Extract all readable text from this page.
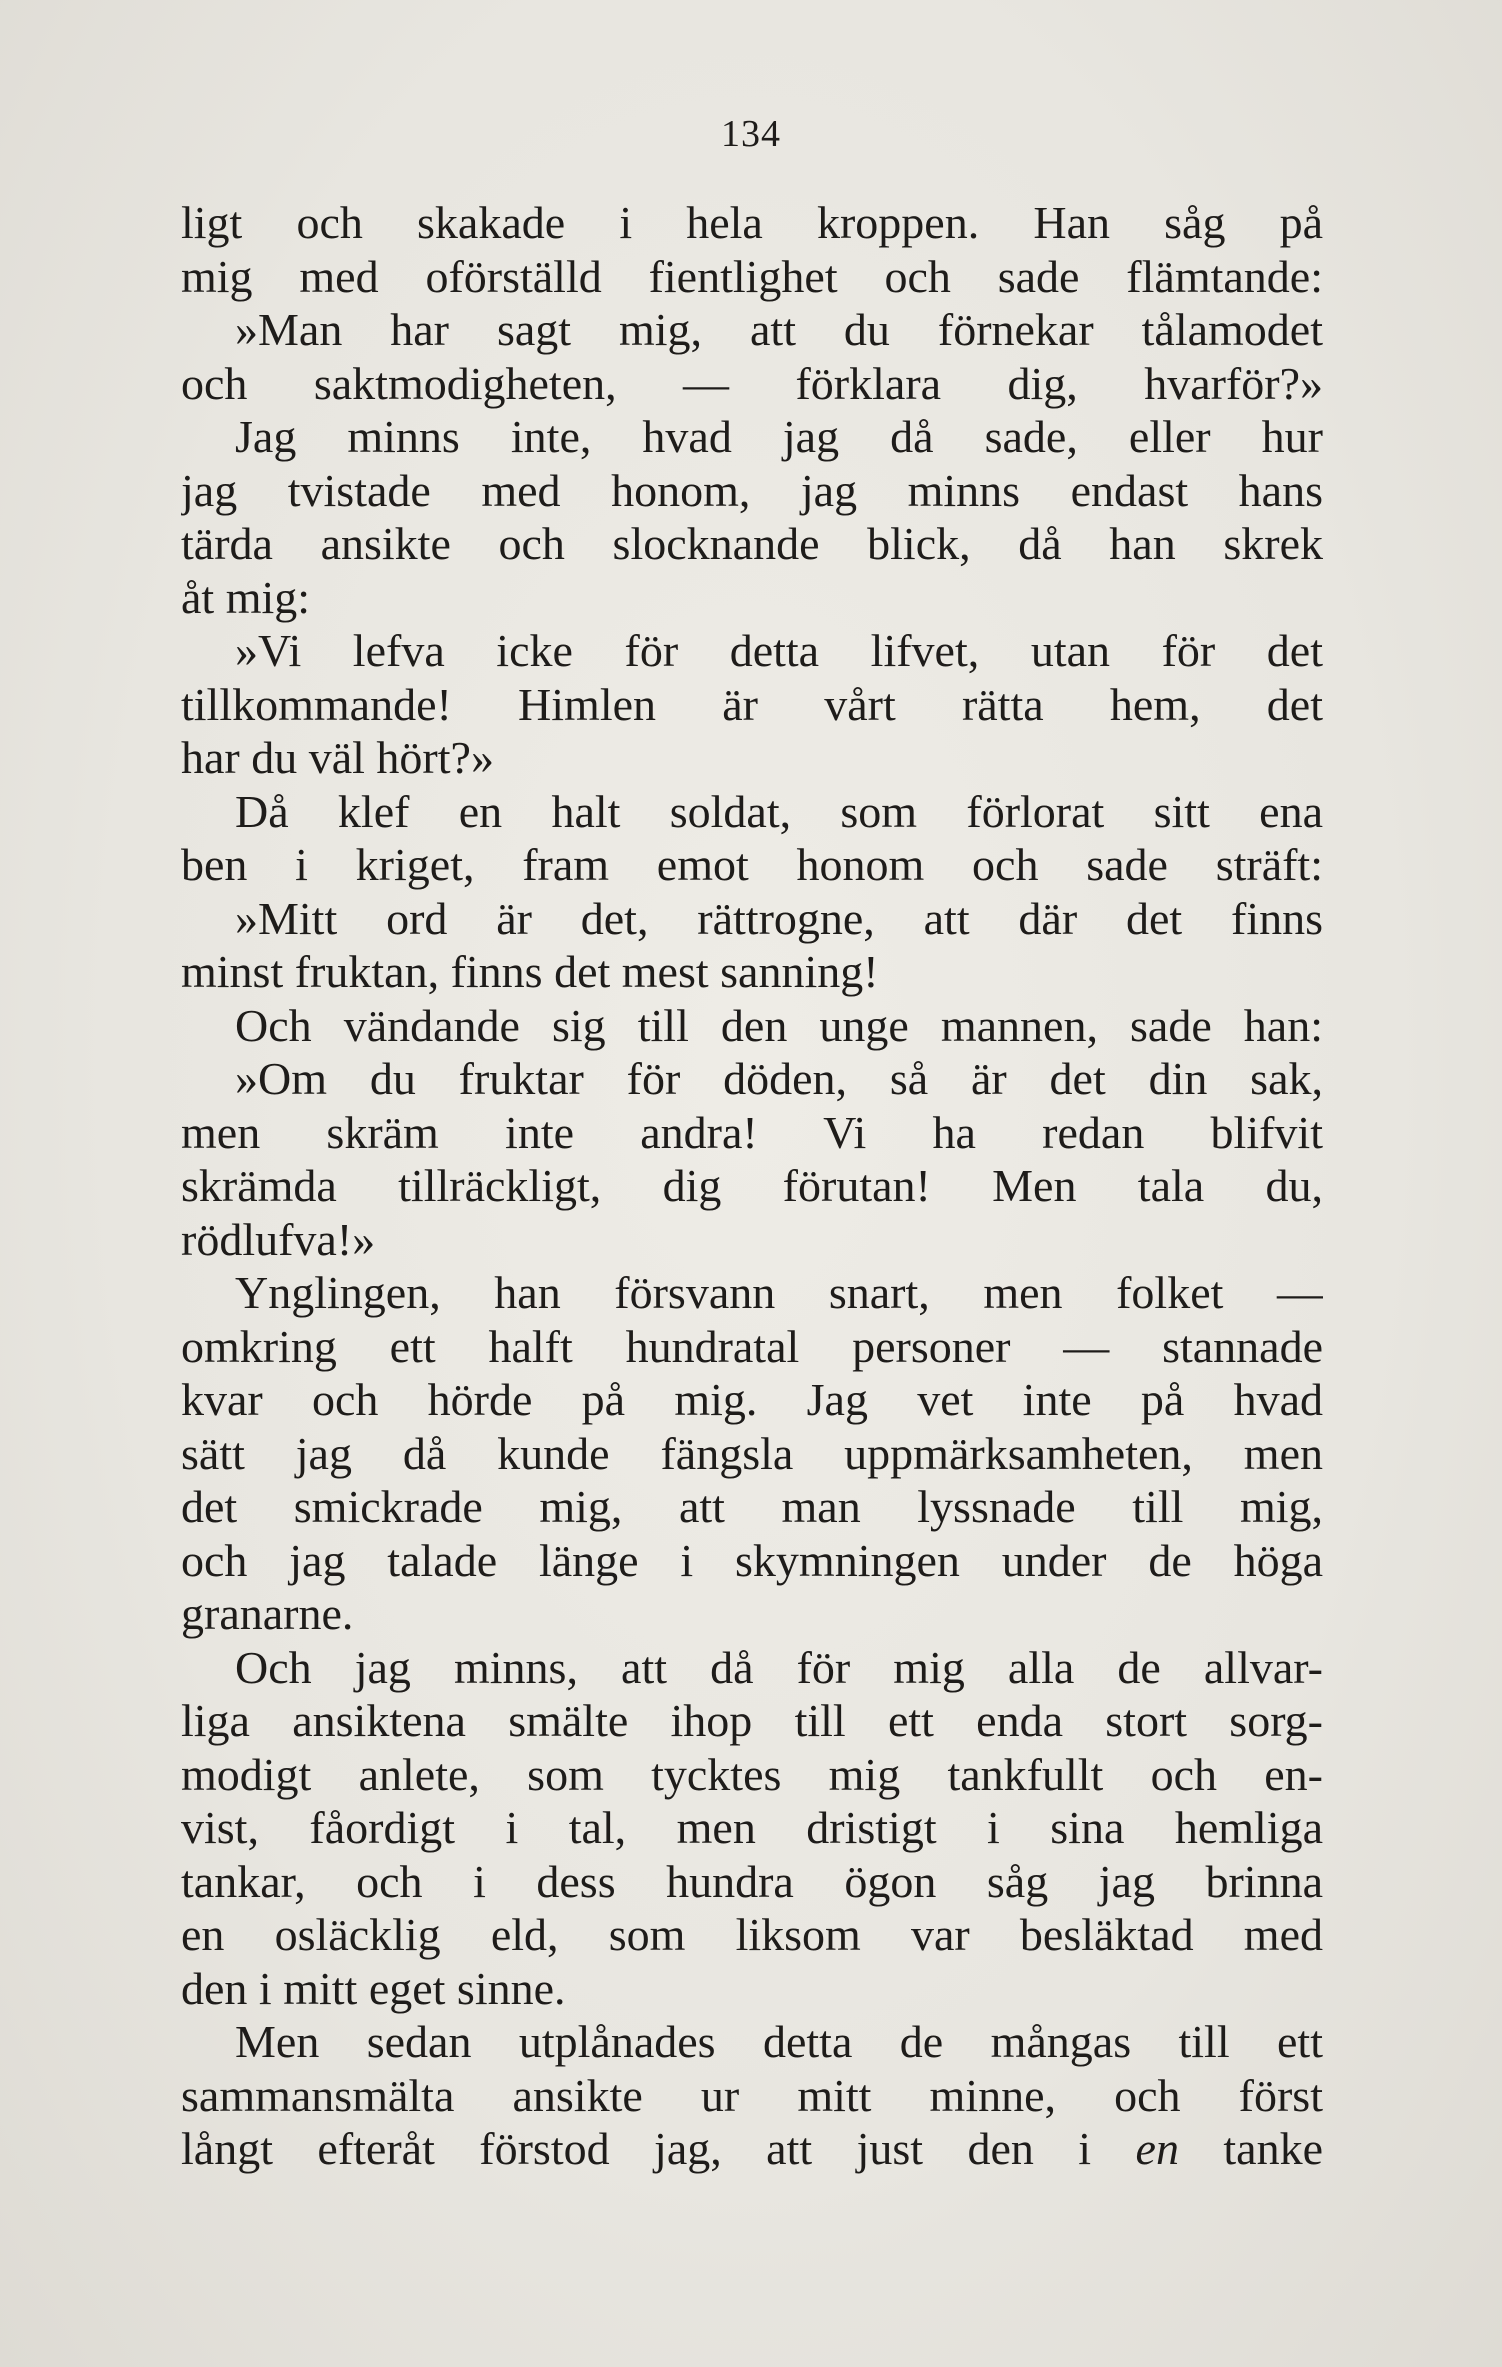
134
ligt och skakade i hela kroppen. Han såg på
mig med oförställd fientlighet och sade flämtande:
»Man har sagt mig, att du förnekar tålamodet
och saktmodigheten, — förklara dig, hvarför?»
Jag minns inte, hvad jag då sade, eller hur
jag tvistade med honom, jag minns endast hans
tärda ansikte och slocknande blick, då han skrek
åt mig:
»Vi lefva icke för detta lifvet, utan för det
tillkommande! Himlen är vårt rätta hem, det
har du väl hört?»
Då klef en halt soldat, som förlorat sitt ena
ben i kriget, fram emot honom och sade sträft:
»Mitt ord är det, rättrogne, att där det finns
minst fruktan, finns det mest sanning!
Och vändande sig till den unge mannen, sade han:
»Om du fruktar för döden, så är det din sak,
men skräm inte andra! Vi ha redan blifvit
skrämda tillräckligt, dig förutan! Men tala du,
rödlufva!»
Ynglingen, han försvann snart, men folket —
omkring ett halft hundratal personer — stannade
kvar och hörde på mig. Jag vet inte på hvad
sätt jag då kunde fängsla uppmärksamheten, men
det smickrade mig, att man lyssnade till mig,
och jag talade länge i skymningen under de höga
granarne.
Och jag minns, att då för mig alla de allvar-
liga ansiktena smälte ihop till ett enda stort sorg-
modigt anlete, som tycktes mig tankfullt och en-
vist, fåordigt i tal, men dristigt i sina hemliga
tankar, och i dess hundra ögon såg jag brinna
en osläcklig eld, som liksom var besläktad med
den i mitt eget sinne.
Men sedan utplånades detta de mångas till ett
sammansmälta ansikte ur mitt minne, och först
långt efteråt förstod jag, att just den i en tanke
